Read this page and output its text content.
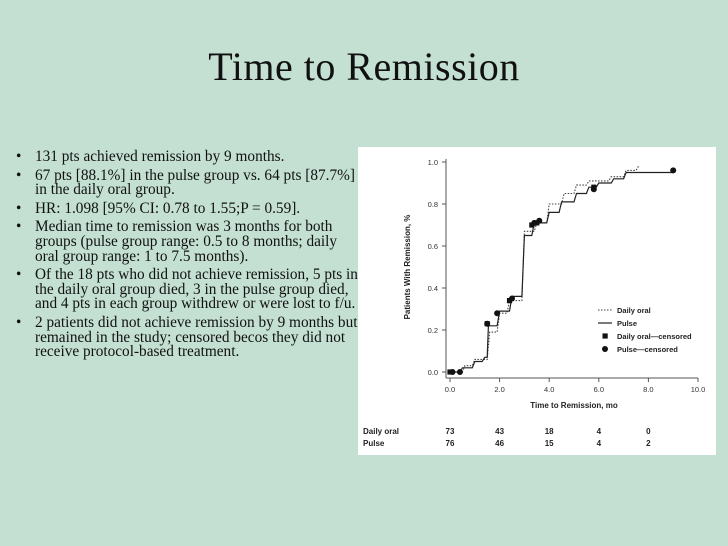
Time to Remission
• 131 pts achieved remission by 9 months.
• 67 pts [88.1%] in the pulse group vs. 64 pts [87.7%] in the daily oral group.
• HR: 1.098 [95% CI: 0.78 to 1.55;P = 0.59].
• Median time to remission was 3 months for both groups (pulse group range: 0.5 to 8 months; daily oral group range: 1 to 7.5 months).
• Of the 18 pts who did not achieve remission, 5 pts in the daily oral group died, 3 in the pulse group died, and 4 pts in each group withdrew or were lost to f/u.
• 2 patients did not achieve remission by 9 months but remained in the study; censored becos they did not receive protocol-based treatment.
0.0
0.2
0.4
0.6
0.8
1.0
0.0	2.0	4.0	6.0	8.0	10.0
Time to Remission, mo
Patients With Remission, %	Daily oral
Pulse
Daily oral—censored
Pulse—censored
Daily oral	73	43	18	4	0
Pulse	76	46	15	4	2
